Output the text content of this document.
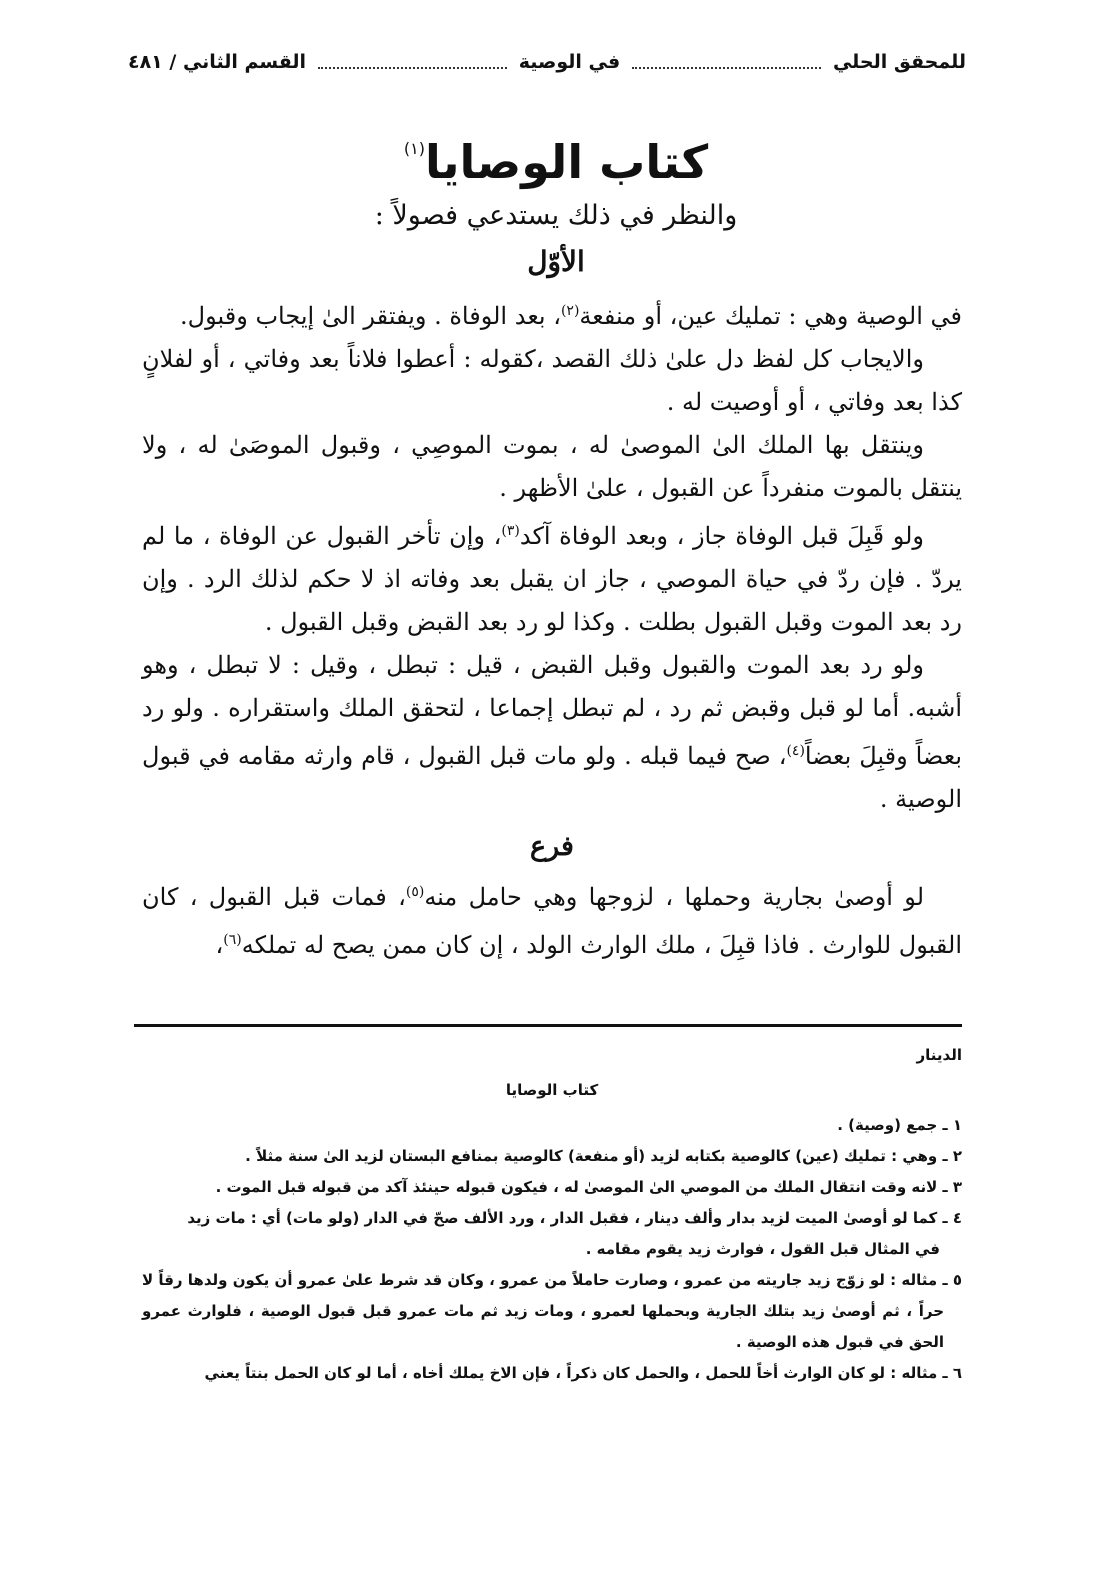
للمحقق الحلي
في الوصية
القسم الثاني / ٤٨١
كتاب الوصايا$^{(١)}$
والنظر في ذلك يستدعي فصولاً :
الأوّل

في الوصية وهي : تمليك عين، أو منفعة$^{(٢)}$، بعد الوفاة . ويفتقر الىٰ إيجاب وقبول.

والايجاب كل لفظ دل علىٰ ذلك القصد ،كقوله : أعطوا فلاناً بعد وفاتي ، أو لفلانٍ كذا بعد وفاتي ، أو أوصيت له .

وينتقل بها الملك الىٰ الموصىٰ له ، بموت الموصِي ، وقبول الموصَىٰ له ، ولا ينتقل بالموت منفرداً عن القبول ، علىٰ الأظهر .

ولو قَبِلَ قبل الوفاة جاز ، وبعد الوفاة آكد$^{(٣)}$، وإن تأخر القبول عن الوفاة ، ما لم يردّ . فإن ردّ في حياة الموصي ، جاز ان يقبل بعد وفاته اذ لا حكم لذلك الرد . وإن رد بعد الموت وقبل القبول بطلت . وكذا لو رد بعد القبض وقبل القبول .

ولو رد بعد الموت والقبول وقبل القبض ، قيل : تبطل ، وقيل : لا تبطل ، وهو أشبه. أما لو قبل وقبض ثم رد ، لم تبطل إجماعا ، لتحقق الملك واستقراره . ولو رد بعضاً وقبِلَ بعضاً$^{(٤)}$، صح فيما قبله . ولو مات قبل القبول ، قام وارثه مقامه في قبول الوصية .

فرع

لو أوصىٰ بجارية وحملها ، لزوجها وهي حامل منه$^{(٥)}$، فمات قبل القبول ، كان القبول للوارث . فاذا قبِلَ ، ملك الوارث الولد ، إن كان ممن يصح له تملكه$^{(٦)}$،

الدينار
كتاب الوصايا

١ ـ جمع (وصية) .

٢ ـ وهي : تمليك (عين) كالوصية بكتابه لزيد (أو منفعة) كالوصية بمنافع البستان لزيد الىٰ سنة مثلاً .

٣ ـ لانه وقت انتقال الملك من الموصي الىٰ الموصىٰ له ، فيكون قبوله حينئذ آكد من قبوله قبل الموت .

٤ ـ كما لو أوصىٰ الميت لزيد بدار وألف دينار ، فقبل الدار ، ورد الألف صحّ في الدار (ولو مات) أي : مات زيد

في المثال قبل القول ، فوارث زيد يقوم مقامه .

٥ ـ مثاله : لو زوّج زيد جاريته من عمرو ، وصارت حاملاً من عمرو ، وكان قد شرط علىٰ عمرو أن يكون ولدها رقاً لا حراً ، ثم أوصىٰ زيد بتلك الجارية وبحملها لعمرو ، ومات زيد ثم مات عمرو قبل قبول الوصية ، فلوارث عمرو الحق في قبول هذه الوصية .

٦ ـ مثاله : لو كان الوارث أخاً للحمل ، والحمل كان ذكراً ، فإن الاخ يملك أخاه ، أما لو كان الحمل بنتاً يعني
